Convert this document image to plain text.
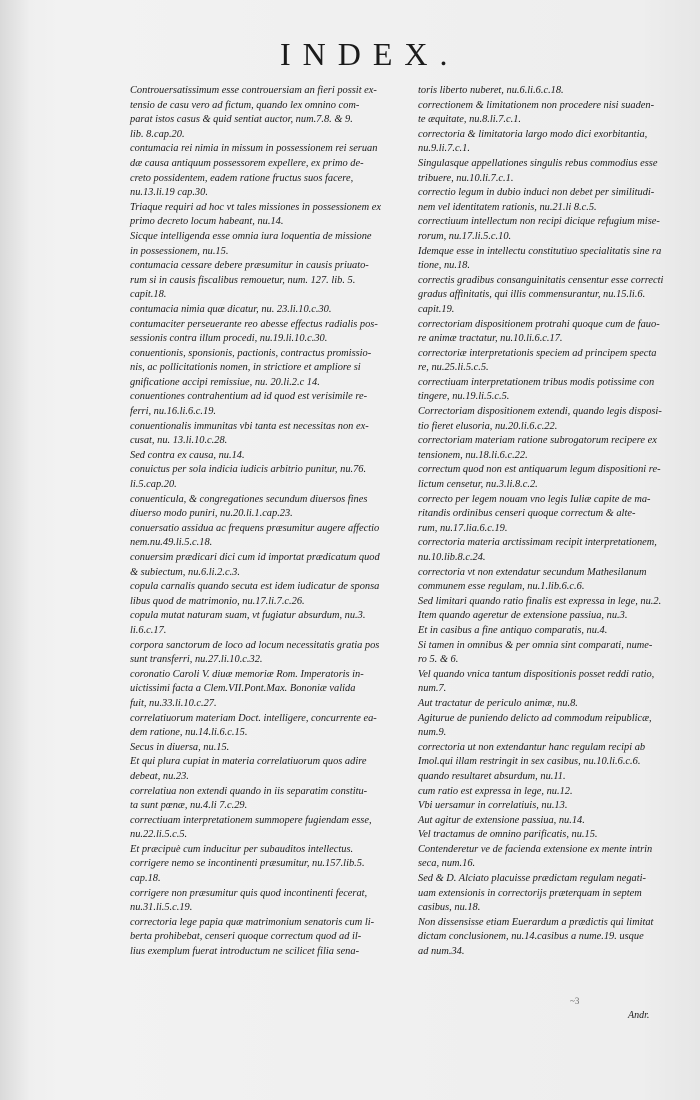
INDEX.

Controuersatissimum esse controuersiam an fieri possit ex-

tensio de casu vero ad fictum, quando lex omnino com-

parat istos casus & quid sentiat auctor, num.7.8. & 9.

lib. 8.cap.20.

contumacia rei nimia in missum in possessionem rei seruan

dæ causa antiquum possessorem expellere, ex primo de-

creto possidentem, eadem ratione fructus suos facere,

nu.13.li.19 cap.30.

Triaque requiri ad hoc vt tales missiones in possessionem ex

primo decreto locum habeant, nu.14.

Sicque intelligenda esse omnia iura loquentia de missione

in possessionem, nu.15.

contumacia cessare debere præsumitur in causis priuato-

rum si in causis fiscalibus remouetur, num. 127. lib. 5.

capit.18.

contumacia nimia quæ dicatur, nu. 23.li.10.c.30.

contumaciter perseuerante reo abesse effectus radialis pos-

sessionis contra illum procedi, nu.19.li.10.c.30.

conuentionis, sponsionis, pactionis, contractus promissio-

nis, ac pollicitationis nomen, in strictiore et ampliore si

gnificatione accipi remissiue, nu. 20.li.2.c 14.

conuentiones contrahentium ad id quod est verisimile re-

ferri, nu.16.li.6.c.19.

conuentionalis immunitas vbi tanta est necessitas non ex-

cusat, nu. 13.li.10.c.28.

Sed contra ex causa, nu.14.

conuictus per sola indicia iudicis arbitrio punitur, nu.76.

li.5.cap.20.

conuenticula, & congregationes secundum diuersos fines

diuerso modo puniri, nu.20.li.1.cap.23.

conuersatio assidua ac frequens præsumitur augere affectio

nem.nu.49.li.5.c.18.

conuersim prædicari dici cum id importat prædicatum quod

& subiectum, nu.6.li.2.c.3.

copula carnalis quando secuta est idem iudicatur de sponsa

libus quod de matrimonio, nu.17.li.7.c.26.

copula mutat naturam suam, vt fugiatur absurdum, nu.3.

li.6.c.17.

corpora sanctorum de loco ad locum necessitatis gratia pos

sunt transferri, nu.27.li.10.c.32.

coronatio Caroli V. diuæ memoriæ Rom. Imperatoris in-

uictissimi facta a Clem.VII.Pont.Max. Bononiæ valida

fuit, nu.33.li.10.c.27.

correlatiuorum materiam Doct. intelligere, concurrente ea-

dem ratione, nu.14.li.6.c.15.

Secus in diuersa, nu.15.

Et qui plura cupiat in materia correlatiuorum quos adire

debeat, nu.23.

correlatiua non extendi quando in iis separatim constitu-

ta sunt pœnæ, nu.4.li 7.c.29.

correctiuam interpretationem summopere fugiendam esse,

nu.22.li.5.c.5.

Et præcipuè cum inducitur per subauditos intellectus.

corrigere nemo se incontinenti præsumitur, nu.157.lib.5.

cap.18.

corrigere non præsumitur quis quod incontinenti fecerat,

nu.31.li.5.c.19.

correctoria lege papia quæ matrimonium senatoris cum li-

berta prohibebat, censeri quoque correctum quod ad il-

lius exemplum fuerat introductum ne scilicet filia sena-

toris liberto nuberet, nu.6.li.6.c.18.

correctionem & limitationem non procedere nisi suaden-

te æquitate, nu.8.li.7.c.1.

correctoria & limitatoria largo modo dici exorbitantia,

nu.9.li.7.c.1.

Singulasque appellationes singulis rebus commodius esse

tribuere, nu.10.li.7.c.1.

correctio legum in dubio induci non debet per similitudi-

nem vel identitatem rationis, nu.21.li 8.c.5.

correctiuum intellectum non recipi dicique refugium mise-

rorum, nu.17.li.5.c.10.

Idemque esse in intellectu constitutiuo specialitatis sine ra

tione, nu.18.

correctis gradibus consanguinitatis censentur esse correcti

gradus affinitatis, qui illis commensurantur, nu.15.li.6.

capit.19.

correctoriam dispositionem protrahi quoque cum de fauo-

re animæ tractatur, nu.10.li.6.c.17.

correctoriæ interpretationis speciem ad principem specta

re, nu.25.li.5.c.5.

correctiuam interpretationem tribus modis potissime con

tingere, nu.19.li.5.c.5.

Correctoriam dispositionem extendi, quando legis disposi-

tio fieret elusoria, nu.20.li.6.c.22.

correctoriam materiam ratione subrogatorum recipere ex

tensionem, nu.18.li.6.c.22.

correctum quod non est antiquarum legum dispositioni re-

lictum censetur, nu.3.li.8.c.2.

correcto per legem nouam vno legis Iuliæ capite de ma-

ritandis ordinibus censeri quoque correctum & alte-

rum, nu.17.lia.6.c.19.

correctoria materia arctissimam recipit interpretationem,

nu.10.lib.8.c.24.

correctoria vt non extendatur secundum Mathesilanum

communem esse regulam, nu.1.lib.6.c.6.

Sed limitari quando ratio finalis est expressa in lege, nu.2.

Item quando ageretur de extensione passiua, nu.3.

Et in casibus a fine antiquo comparatis, nu.4.

Si tamen in omnibus & per omnia sint comparati, nume-

ro 5. & 6.

Vel quando vnica tantum dispositionis posset reddi ratio,

num.7.

Aut tractatur de periculo animæ, nu.8.

Agiturue de puniendo delicto ad commodum reipublicæ,

num.9.

correctoria ut non extendantur hanc regulam recipi ab

Imol.qui illam restringit in sex casibus, nu.10.li.6.c.6.

quando resultaret absurdum, nu.11.

cum ratio est expressa in lege, nu.12.

Vbi uersamur in correlatiuis, nu.13.

Aut agitur de extensione passiua, nu.14.

Vel tractamus de omnino parificatis, nu.15.

Contenderetur ve de facienda extensione ex mente intrin

seca, num.16.

Sed & D. Alciato placuisse prædictam regulam negati-

uam extensionis in correctorijs præterquam in septem

casibus, nu.18.

Non dissensisse etiam Euerardum a prædictis qui limitat

dictam conclusionem, nu.14.casibus a nume.19. usque

ad num.34.

~3
Andr.
